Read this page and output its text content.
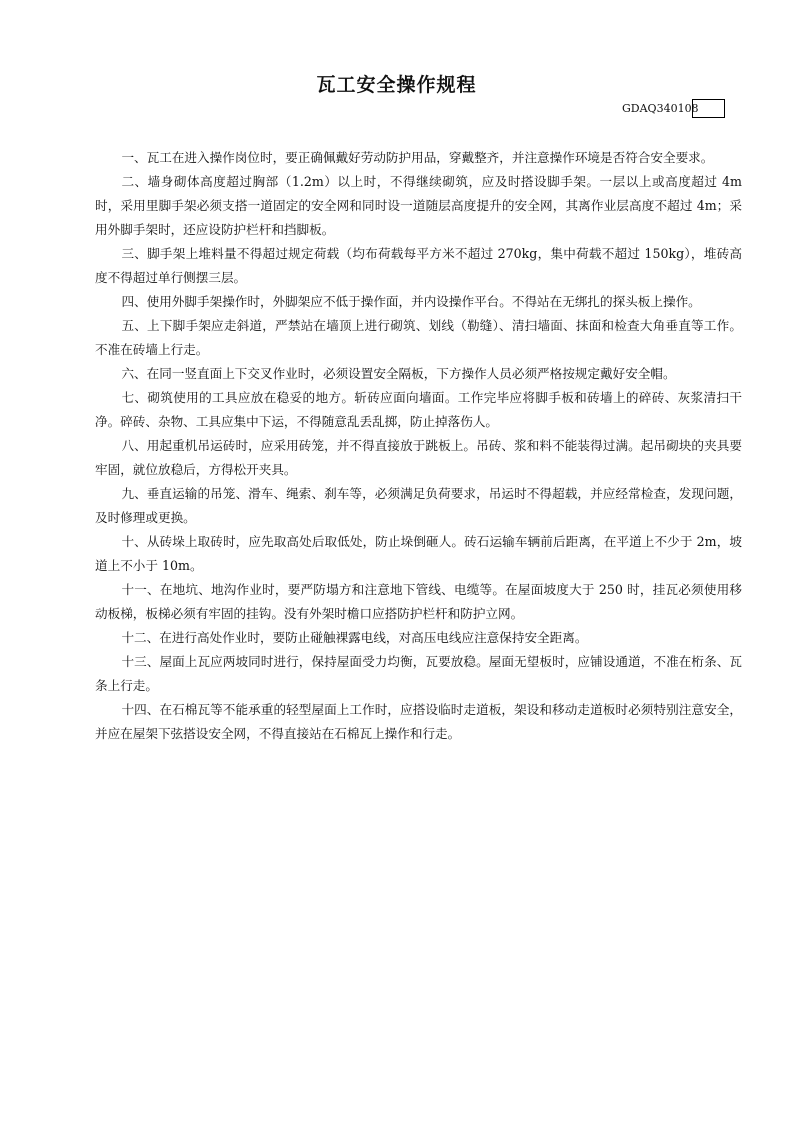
瓦工安全操作规程
GDAQ340108

一、瓦工在进入操作岗位时，要正确佩戴好劳动防护用品，穿戴整齐，并注意操作环境是否符合安全要求。

二、墙身砌体高度超过胸部（1.2m）以上时，不得继续砌筑，应及时搭设脚手架。一层以上或高度超过 4m 时，采用里脚手架必须支搭一道固定的安全网和同时设一道随层高度提升的安全网，其离作业层高度不超过 4m；采用外脚手架时，还应设防护栏杆和挡脚板。

三、脚手架上堆料量不得超过规定荷载（均布荷载每平方米不超过 270kg，集中荷载不超过 150kg），堆砖高度不得超过单行侧摆三层。

四、使用外脚手架操作时，外脚架应不低于操作面，并内设操作平台。不得站在无绑扎的探头板上操作。

五、上下脚手架应走斜道，严禁站在墙顶上进行砌筑、划线（勒缝）、清扫墙面、抹面和检查大角垂直等工作。不准在砖墙上行走。

六、在同一竖直面上下交叉作业时，必须设置安全隔板，下方操作人员必须严格按规定戴好安全帽。

七、砌筑使用的工具应放在稳妥的地方。斩砖应面向墙面。工作完毕应将脚手板和砖墙上的碎砖、灰浆清扫干净。碎砖、杂物、工具应集中下运，不得随意乱丢乱掷，防止掉落伤人。

八、用起重机吊运砖时，应采用砖笼，并不得直接放于跳板上。吊砖、浆和料不能装得过满。起吊砌块的夹具要牢固，就位放稳后，方得松开夹具。

九、垂直运输的吊笼、滑车、绳索、刹车等，必须满足负荷要求，吊运时不得超载，并应经常检查，发现问题，及时修理或更换。

十、从砖垛上取砖时，应先取高处后取低处，防止垛倒砸人。砖石运输车辆前后距离，在平道上不少于 2m，坡道上不小于 10m。

十一、在地坑、地沟作业时，要严防塌方和注意地下管线、电缆等。在屋面坡度大于 250 时，挂瓦必须使用移动板梯，板梯必须有牢固的挂钩。没有外架时檐口应搭防护栏杆和防护立网。

十二、在进行高处作业时，要防止碰触裸露电线，对高压电线应注意保持安全距离。

十三、屋面上瓦应两坡同时进行，保持屋面受力均衡，瓦要放稳。屋面无望板时，应铺设通道，不准在桁条、瓦条上行走。

十四、在石棉瓦等不能承重的轻型屋面上工作时，应搭设临时走道板，架设和移动走道板时必须特别注意安全，并应在屋架下弦搭设安全网，不得直接站在石棉瓦上操作和行走。
